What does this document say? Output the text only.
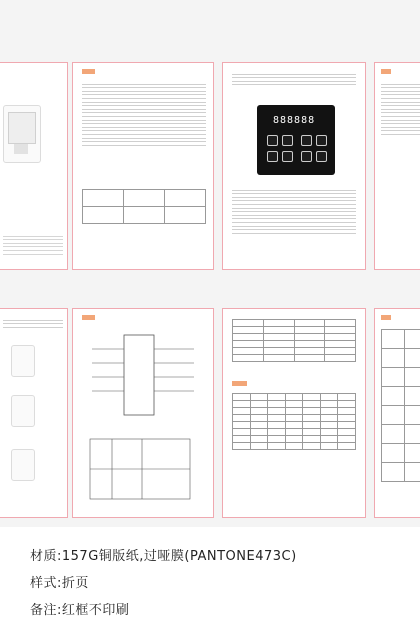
888888

材质:157G铜版纸,过哑膜(PANTONE473C)
样式:折页
备注:红框不印刷
